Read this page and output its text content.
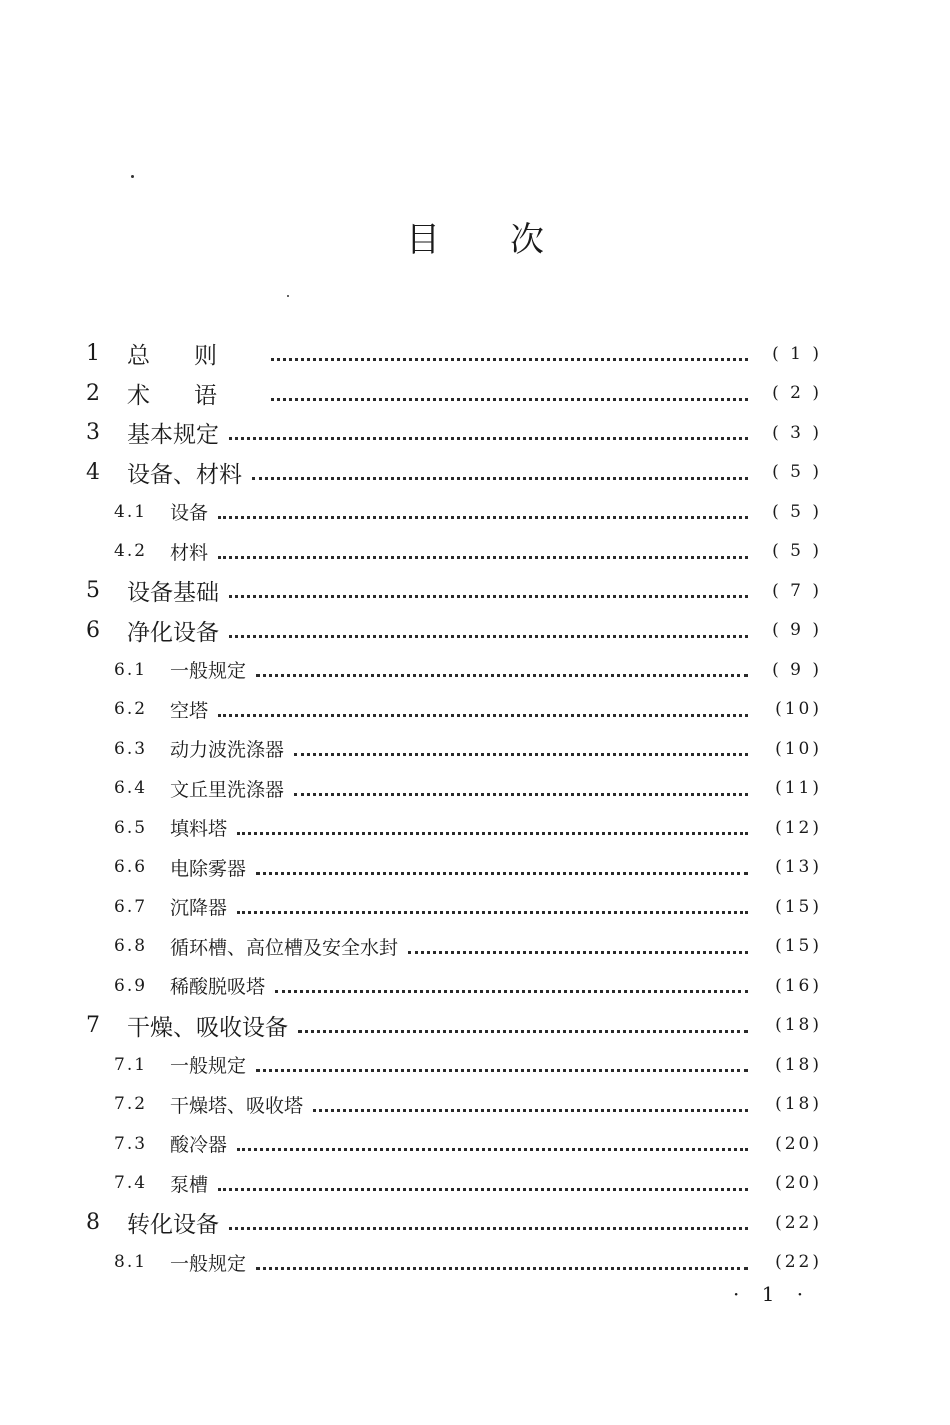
目次
1 总则	( 1 )
2 术语	( 2 )
3 基本规定	( 3 )
4 设备、材料	( 5 )
4.1 设备	( 5 )
4.2 材料	( 5 )
5 设备基础	( 7 )
6 净化设备	( 9 )
6.1 一般规定	( 9 )
6.2 空塔	(10)
6.3 动力波洗涤器	(10)
6.4 文丘里洗涤器	(11)
6.5 填料塔	(12)
6.6 电除雾器	(13)
6.7 沉降器	(15)
6.8 循环槽、高位槽及安全水封	(15)
6.9 稀酸脱吸塔	(16)
7 干燥、吸收设备	(18)
7.1 一般规定	(18)
7.2 干燥塔、吸收塔	(18)
7.3 酸冷器	(20)
7.4 泵槽	(20)
8 转化设备	(22)
8.1 一般规定	(22)
· 1 ·
